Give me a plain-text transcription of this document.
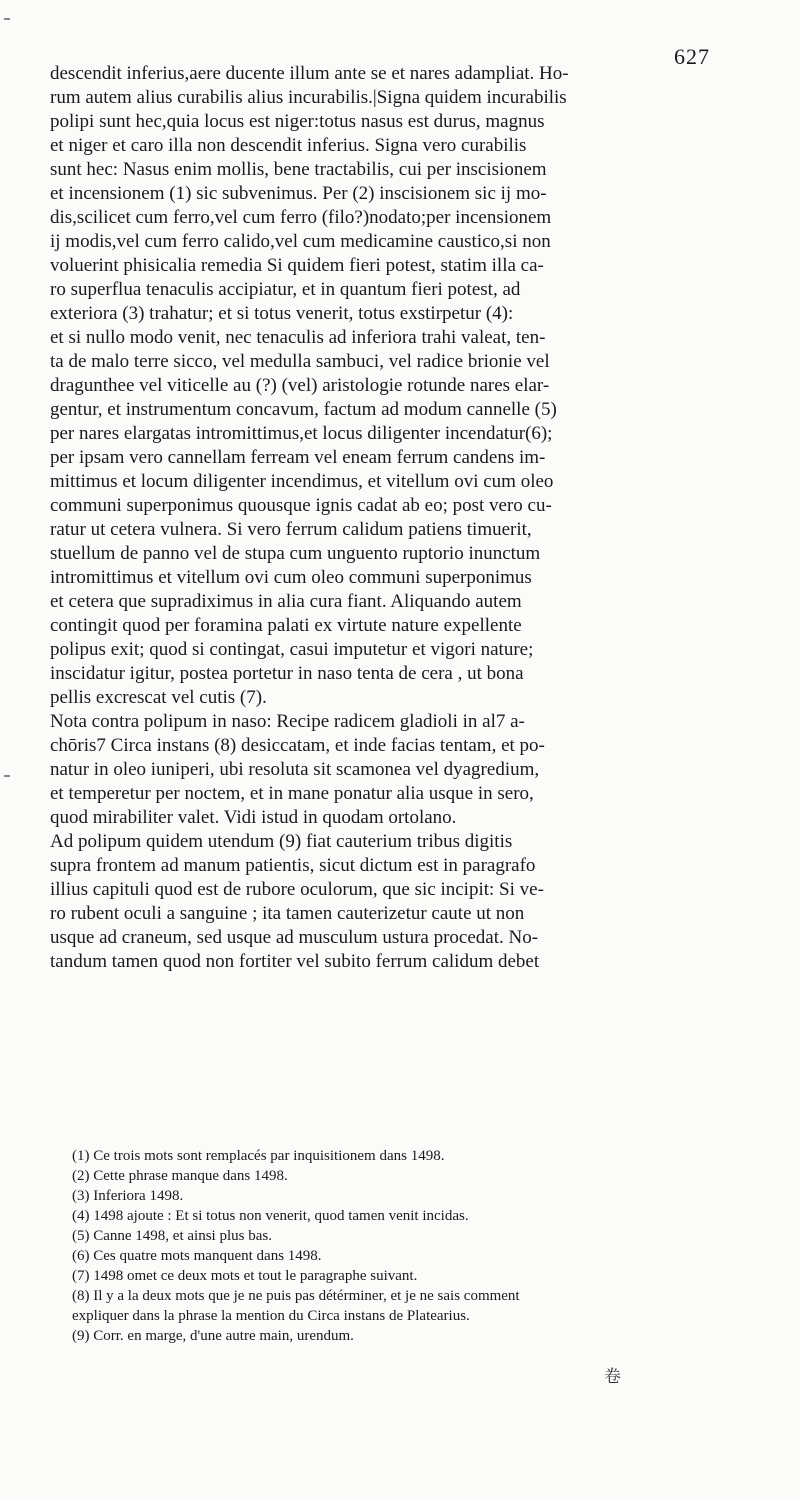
627
descendit inferius,aere ducente illum ante se et nares adampliat. Ho-
rum autem alius curabilis alius incurabilis.|Signa quidem incurabilis
polipi sunt hec,quia locus est niger:totus nasus est durus, magnus
et niger et caro illa non descendit inferius. Signa vero curabilis
sunt hec: Nasus enim mollis, bene tractabilis, cui per inscisionem
et incensionem (1) sic subvenimus. Per (2) inscisionem sic ij mo-
dis,scilicet cum ferro,vel cum ferro (filo?)nodato;per incensionem
ij modis,vel cum ferro calido,vel cum medicamine caustico,si non
voluerint phisicalia remedia Si quidem fieri potest, statim illa ca-
ro superflua tenaculis accipiatur, et in quantum fieri potest, ad
exteriora (3) trahatur; et si totus venerit, totus exstirpetur (4):
et si nullo modo venit, nec tenaculis ad inferiora trahi valeat, ten-
ta de malo terre sicco, vel medulla sambuci, vel radice brionie vel
dragunthee vel viticelle au (?) (vel) aristologie rotunde nares elar-
gentur, et instrumentum concavum, factum ad modum cannelle (5)
per nares elargatas intromittimus,et locus diligenter incendatur(6);
per ipsam vero cannellam ferream vel eneam ferrum candens im-
mittimus et locum diligenter incendimus, et vitellum ovi cum oleo
communi superponimus quousque ignis cadat ab eo; post vero cu-
ratur ut cetera vulnera. Si vero ferrum calidum patiens timuerit,
stuellum de panno vel de stupa cum unguento ruptorio inunctum
intromittimus et vitellum ovi cum oleo communi superponimus
et cetera que supradiximus in alia cura fiant. Aliquando autem
contingit quod per foramina palati ex virtute nature expellente
polipus exit; quod si contingat, casui imputetur et vigori nature;
inscidatur igitur, postea portetur in naso tenta de cera , ut bona
pellis excrescat vel cutis (7).
Nota contra polipum in naso: Recipe radicem gladioli in al7 a-
chōris7 Circa instans (8) desiccatam, et inde facias tentam, et po-
natur in oleo iuniperi, ubi resoluta sit scamonea vel dyagredium,
et temperetur per noctem, et in mane ponatur alia usque in sero,
quod mirabiliter valet. Vidi istud in quodam ortolano.
Ad polipum quidem utendum (9) fiat cauterium tribus digitis
supra frontem ad manum patientis, sicut dictum est in paragrafo
illius capituli quod est de rubore oculorum, que sic incipit: Si ve-
ro rubent oculi a sanguine ; ita tamen cauterizetur caute ut non
usque ad craneum, sed usque ad musculum ustura procedat. No-
tandum tamen quod non fortiter vel subito ferrum calidum debet
(1) Ce trois mots sont remplacés par inquisitionem dans 1498.
(2) Cette phrase manque dans 1498.
(3) Inferiora 1498.
(4) 1498 ajoute : Et si totus non venerit, quod tamen venit incidas.
(5) Canne 1498, et ainsi plus bas.
(6) Ces quatre mots manquent dans 1498.
(7) 1498 omet ce deux mots et tout le paragraphe suivant.
(8) Il y a la deux mots que je ne puis pas détérminer, et je ne sais comment
expliquer dans la phrase la mention du Circa instans de Platearius.
(9) Corr. en marge, d'une autre main, urendum.
卷
